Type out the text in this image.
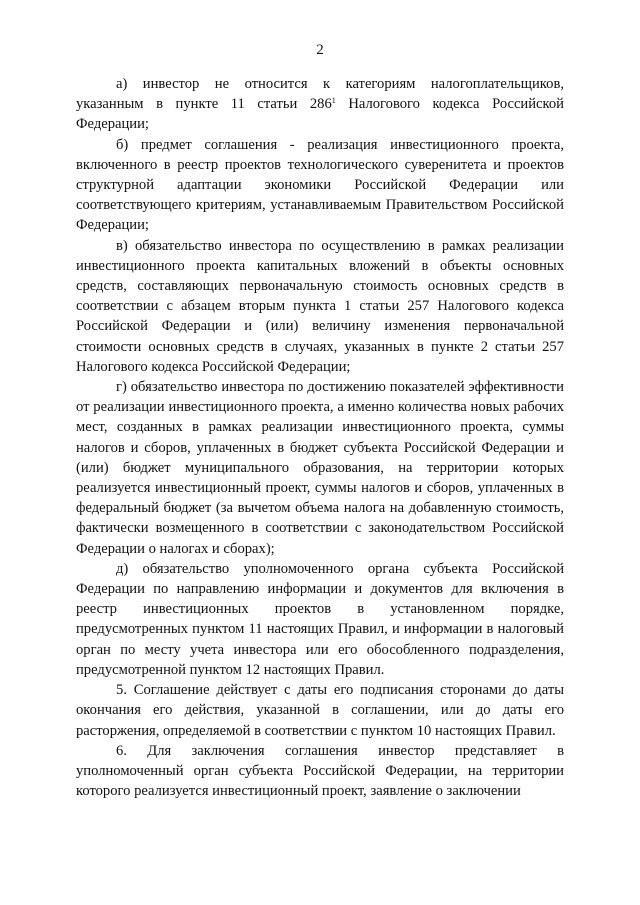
2

а) инвестор не относится к категориям налогоплательщиков, указанным в пункте 11 статьи $286^1$ Налогового кодекса Российской Федерации;

б) предмет соглашения - реализация инвестиционного проекта, включенного в реестр проектов технологического суверенитета и проектов структурной адаптации экономики Российской Федерации или соответствующего критериям, устанавливаемым Правительством Российской Федерации;

в) обязательство инвестора по осуществлению в рамках реализации инвестиционного проекта капитальных вложений в объекты основных средств, составляющих первоначальную стоимость основных средств в соответствии с абзацем вторым пункта 1 статьи 257 Налогового кодекса Российской Федерации и (или) величину изменения первоначальной стоимости основных средств в случаях, указанных в пункте 2 статьи 257 Налогового кодекса Российской Федерации;

г) обязательство инвестора по достижению показателей эффективности от реализации инвестиционного проекта, а именно количества новых рабочих мест, созданных в рамках реализации инвестиционного проекта, суммы налогов и сборов, уплаченных в бюджет субъекта Российской Федерации и (или) бюджет муниципального образования, на территории которых реализуется инвестиционный проект, суммы налогов и сборов, уплаченных в федеральный бюджет (за вычетом объема налога на добавленную стоимость, фактически возмещенного в соответствии с законодательством Российской Федерации о налогах и сборах);

д) обязательство уполномоченного органа субъекта Российской Федерации по направлению информации и документов для включения в реестр инвестиционных проектов в установленном порядке, предусмотренных пунктом 11 настоящих Правил, и информации в налоговый орган по месту учета инвестора или его обособленного подразделения, предусмотренной пунктом 12 настоящих Правил.

5. Соглашение действует с даты его подписания сторонами до даты окончания его действия, указанной в соглашении, или до даты его расторжения, определяемой в соответствии с пунктом 10 настоящих Правил.

6. Для заключения соглашения инвестор представляет в уполномоченный орган субъекта Российской Федерации, на территории которого реализуется инвестиционный проект, заявление о заключении
